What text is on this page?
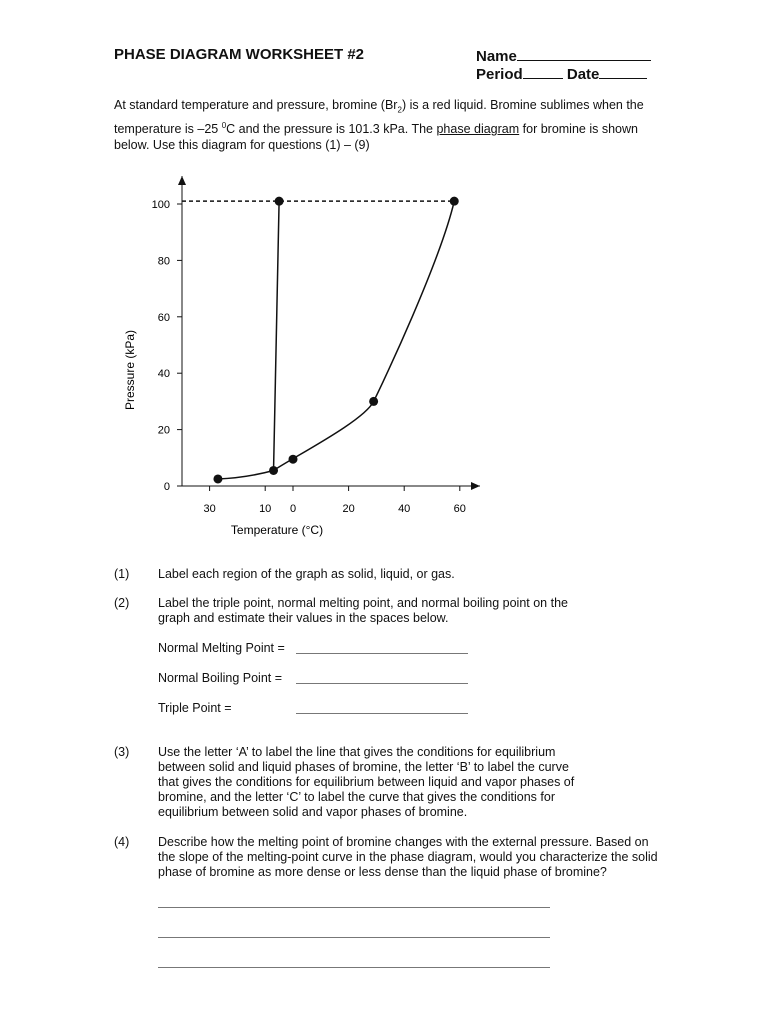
PHASE DIAGRAM WORKSHEET #2	Name
Period	Date
At standard temperature and pressure, bromine $(Br_2)$ is a red liquid. Bromine sublimes when the temperature is –25 $^0$C and the pressure is 101.3 kPa. The phase diagram for bromine is shown below. Use this diagram for questions (1) – (9)
0
20
40
60
80
100
30	10 0	20	40	60
Temperature (°C)
Pressure (kPa)
(1) Label each region of the graph as solid, liquid, or gas.
(2) Label the triple point, normal melting point, and normal boiling point on the graph and estimate their values in the spaces below.
Normal Melting Point =
Normal Boiling Point =
Triple Point =
(3) Use the letter ‘A’ to label the line that gives the conditions for equilibrium between solid and liquid phases of bromine, the letter ‘B’ to label the curve that gives the conditions for equilibrium between liquid and vapor phases of bromine, and the letter ‘C’ to label the curve that gives the conditions for equilibrium between solid and vapor phases of bromine.
(4) Describe how the melting point of bromine changes with the external pressure. Based on the slope of the melting-point curve in the phase diagram, would you characterize the solid phase of bromine as more dense or less dense than the liquid phase of bromine?
